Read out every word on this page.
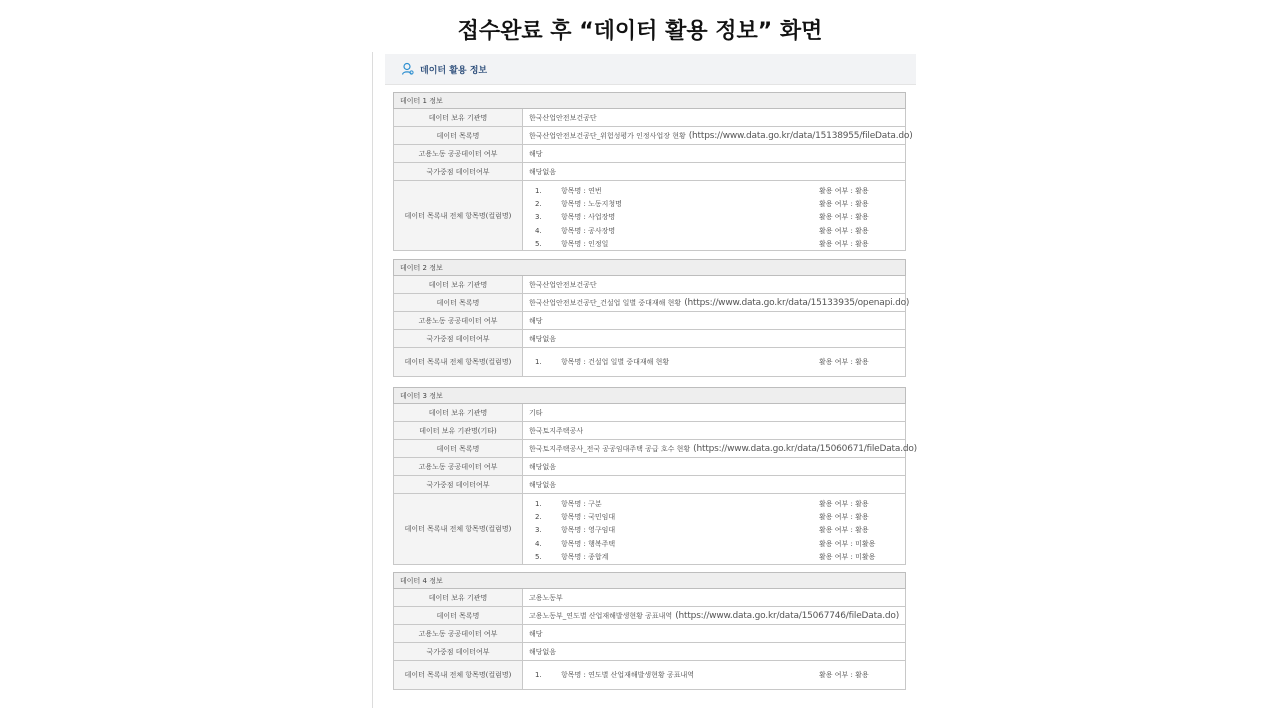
접수완료 후 “데이터 활용 정보” 화면
데이터 활용 정보
데이터 1 정보
데이터 보유 기관명	한국산업안전보건공단
데이터 목록명	한국산업안전보건공단_위험성평가 인정사업장 현황 (https://www.data.go.kr/data/15138955/fileData.do)
고용노동 공공데이터 여부	해당
국가중점 데이터여부	해당없음
데이터 목록내 전체 항목명(컬럼명)
1.	항목명 : 연번	활용 여부 : 활용
2.	항목명 : 노동지청명	활용 여부 : 활용
3.	항목명 : 사업장명	활용 여부 : 활용
4.	항목명 : 공사장명	활용 여부 : 활용
5.	항목명 : 인정일	활용 여부 : 활용
데이터 2 정보
데이터 보유 기관명	한국산업안전보건공단
데이터 목록명	한국산업안전보건공단_건설업 일별 중대재해 현황 (https://www.data.go.kr/data/15133935/openapi.do)
고용노동 공공데이터 여부	해당
국가중점 데이터여부	해당없음
데이터 목록내 전체 항목명(컬럼명)	1.	항목명 : 건설업 일별 중대재해 현황	활용 여부 : 활용
데이터 3 정보
데이터 보유 기관명	기타
데이터 보유 기관명(기타)	한국토지주택공사
데이터 목록명	한국토지주택공사_전국 공공임대주택 공급 호수 현황 (https://www.data.go.kr/data/15060671/fileData.do)
고용노동 공공데이터 여부	해당없음
국가중점 데이터여부	해당없음
데이터 목록내 전체 항목명(컬럼명)
1.	항목명 : 구분	활용 여부 : 활용
2.	항목명 : 국민임대	활용 여부 : 활용
3.	항목명 : 영구임대	활용 여부 : 활용
4.	항목명 : 행복주택	활용 여부 : 미활용
5.	항목명 : 종합계	활용 여부 : 미활용
데이터 4 정보
데이터 보유 기관명	고용노동부
데이터 목록명	고용노동부_연도별 산업재해발생현황 공표내역 (https://www.data.go.kr/data/15067746/fileData.do)
고용노동 공공데이터 여부	해당
국가중점 데이터여부	해당없음
데이터 목록내 전체 항목명(컬럼명)	1.	항목명 : 연도별 산업재해발생현황 공표내역	활용 여부 : 활용
